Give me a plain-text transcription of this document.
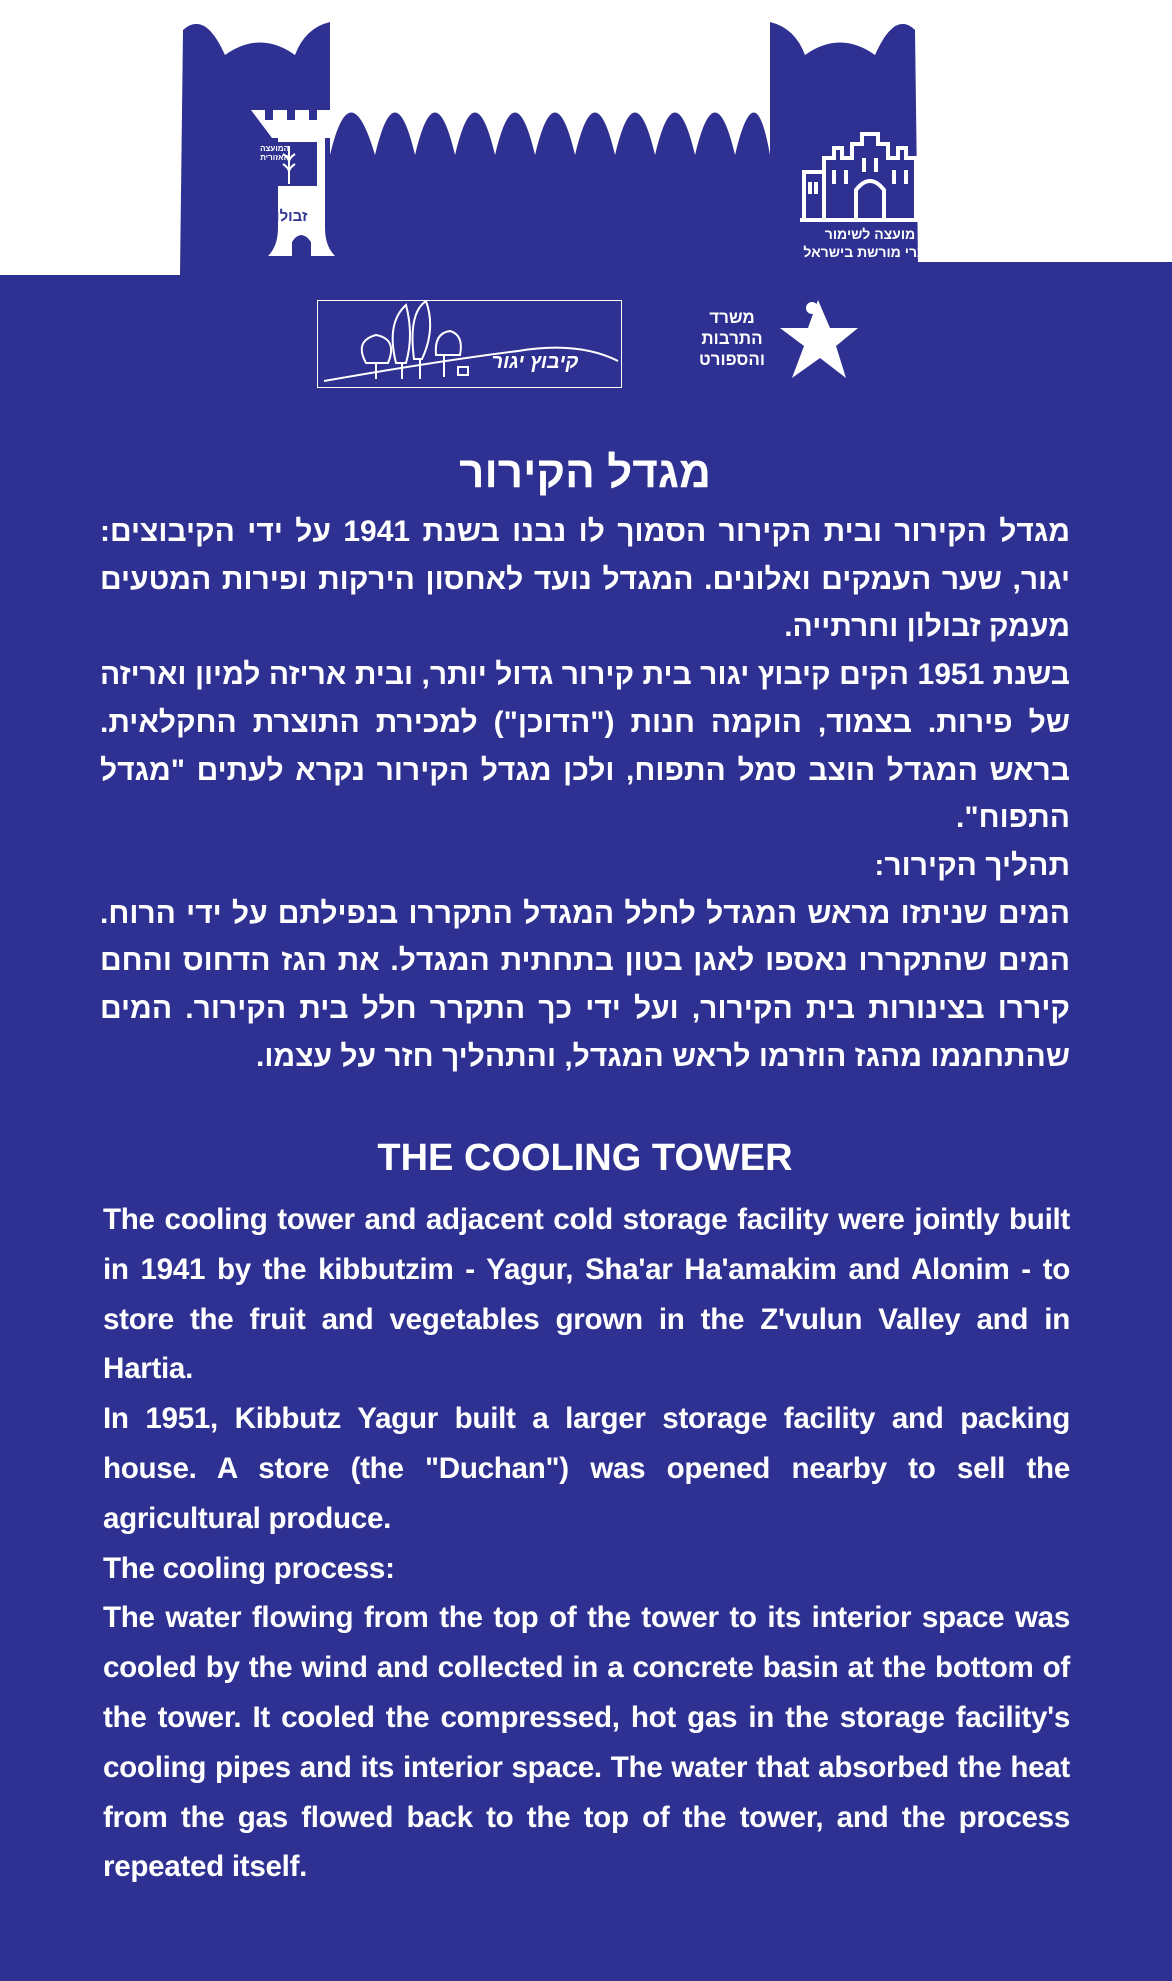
המועצה האזורית
זבולון
מועצה לשימור
אתרי מורשת בישראל
קיבוץ יגור
משרד
התרבות
והספורט
מגדל הקירור

מגדל הקירור ובית הקירור הסמוך לו נבנו בשנת 1941 על ידי הקיבוצים: יגור, שער העמקים ואלונים. המגדל נועד לאחסון הירקות ופירות המטעים מעמק זבולון וחרתייה.

בשנת 1951 הקים קיבוץ יגור בית קירור גדול יותר, ובית אריזה למיון ואריזה של פירות. בצמוד, הוקמה חנות ("הדוכן") למכירת התוצרת החקלאית. בראש המגדל הוצב סמל התפוח, ולכן מגדל הקירור נקרא לעתים "מגדל התפוח".

תהליך הקירור:

המים שניתזו מראש המגדל לחלל המגדל התקררו בנפילתם על ידי הרוח. המים שהתקררו נאספו לאגן בטון בתחתית המגדל. את הגז הדחוס והחם קיררו בצינורות בית הקירור, ועל ידי כך התקרר חלל בית הקירור. המים שהתחממו מהגז הוזרמו לראש המגדל, והתהליך חזר על עצמו.

THE COOLING TOWER

The cooling tower and adjacent cold storage facility were jointly built in 1941 by the kibbutzim - Yagur, Sha'ar Ha'amakim and Alonim - to store the fruit and vegetables grown in the Z'vulun Valley and in Hartia.

In 1951, Kibbutz Yagur built a larger storage facility and packing house. A store (the "Duchan") was opened nearby to sell the agricultural produce.

The cooling process:

The water flowing from the top of the tower to its interior space was cooled by the wind and collected in a concrete basin at the bottom of the tower. It cooled the compressed, hot gas in the storage facility's cooling pipes and its interior space. The water that absorbed the heat from the gas flowed back to the top of the tower, and the process repeated itself.
